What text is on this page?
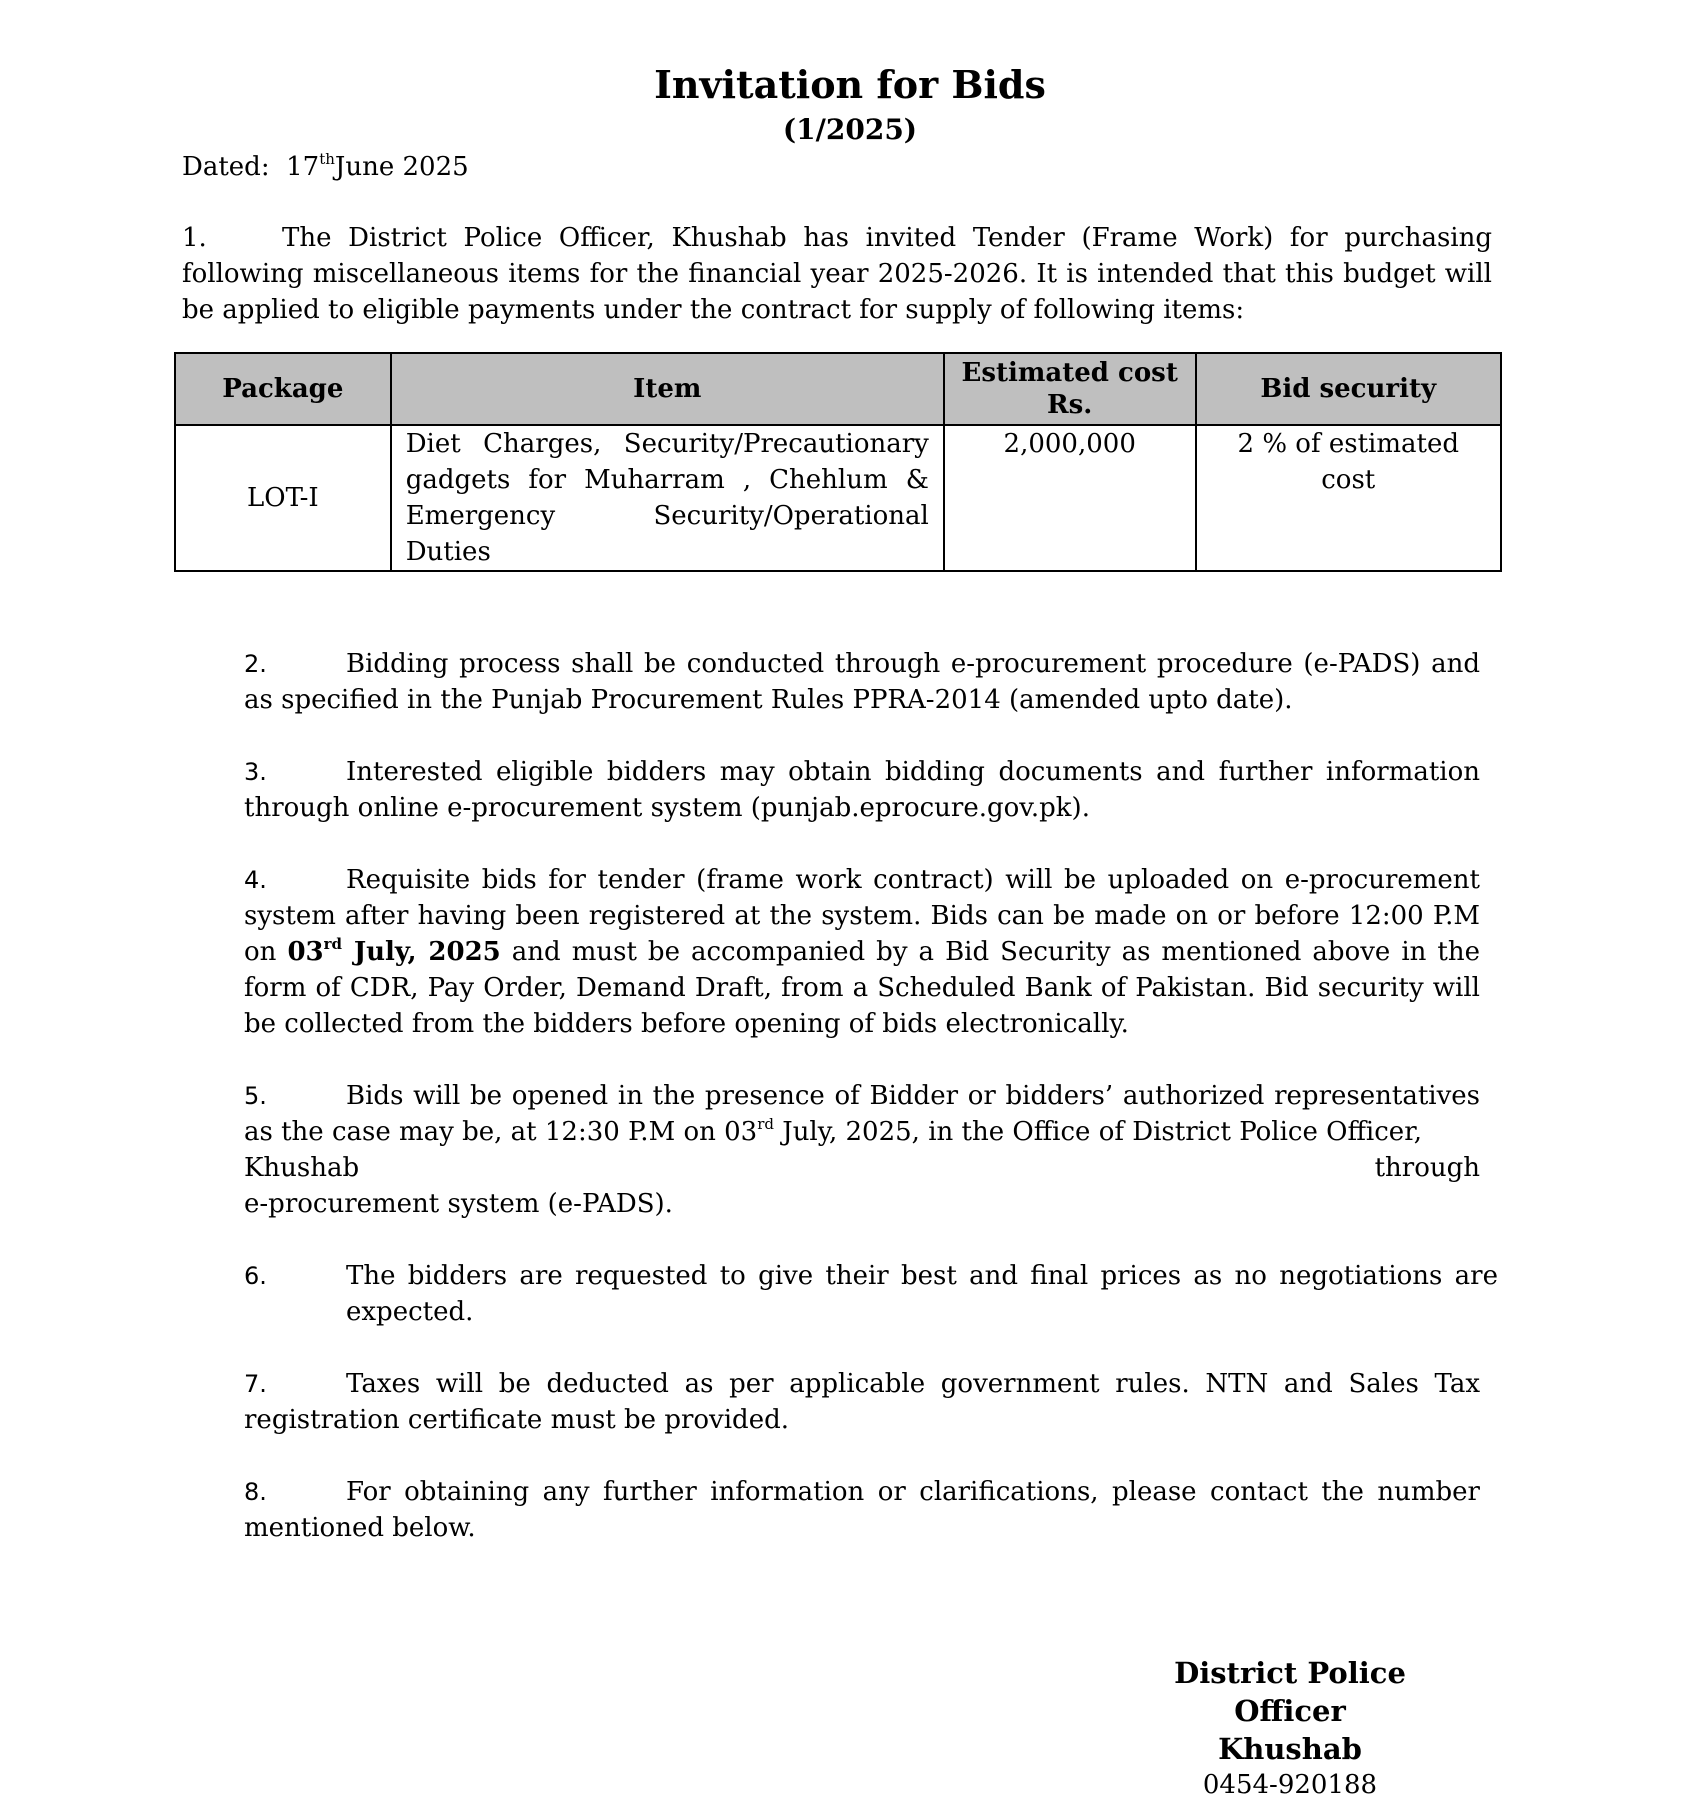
Invitation for Bids
(1/2025)
Dated: 17thJune 2025
1.	The District Police Officer, Khushab has invited Tender (Frame Work) for purchasing following miscellaneous items for the financial year 2025-2026. It is intended that this budget will be applied to eligible payments under the contract for supply of following items:
Package	Item	Estimated cost Rs.	Bid security
LOT-I	Diet Charges, Security/Precautionary gadgets for Muharram , Chehlum & Emergency Security/Operational Duties	2,000,000	2 % of estimated cost
2.	Bidding process shall be conducted through e-procurement procedure (e-PADS) and as specified in the Punjab Procurement Rules PPRA-2014 (amended upto date).
3.	Interested eligible bidders may obtain bidding documents and further information through online e-procurement system (punjab.eprocure.gov.pk).
4.	Requisite bids for tender (frame work contract) will be uploaded on e-procurement system after having been registered at the system. Bids can be made on or before 12:00 P.M on 03rd July, 2025 and must be accompanied by a Bid Security as mentioned above in the form of CDR, Pay Order, Demand Draft, from a Scheduled Bank of Pakistan. Bid security will be collected from the bidders before opening of bids electronically.
5.	Bids will be opened in the presence of Bidder or bidders’ authorized representatives as the case may be, at 12:30 P.M on 03rd July, 2025, in the Office of District Police Officer,
Khushab	through
e-procurement system (e-PADS).
6.	The bidders are requested to give their best and final prices as no negotiations are expected.
7.	Taxes will be deducted as per applicable government rules. NTN and Sales Tax registration certificate must be provided.
8.	For obtaining any further information or clarifications, please contact the number mentioned below.
District Police Officer
Khushab
0454-920188
